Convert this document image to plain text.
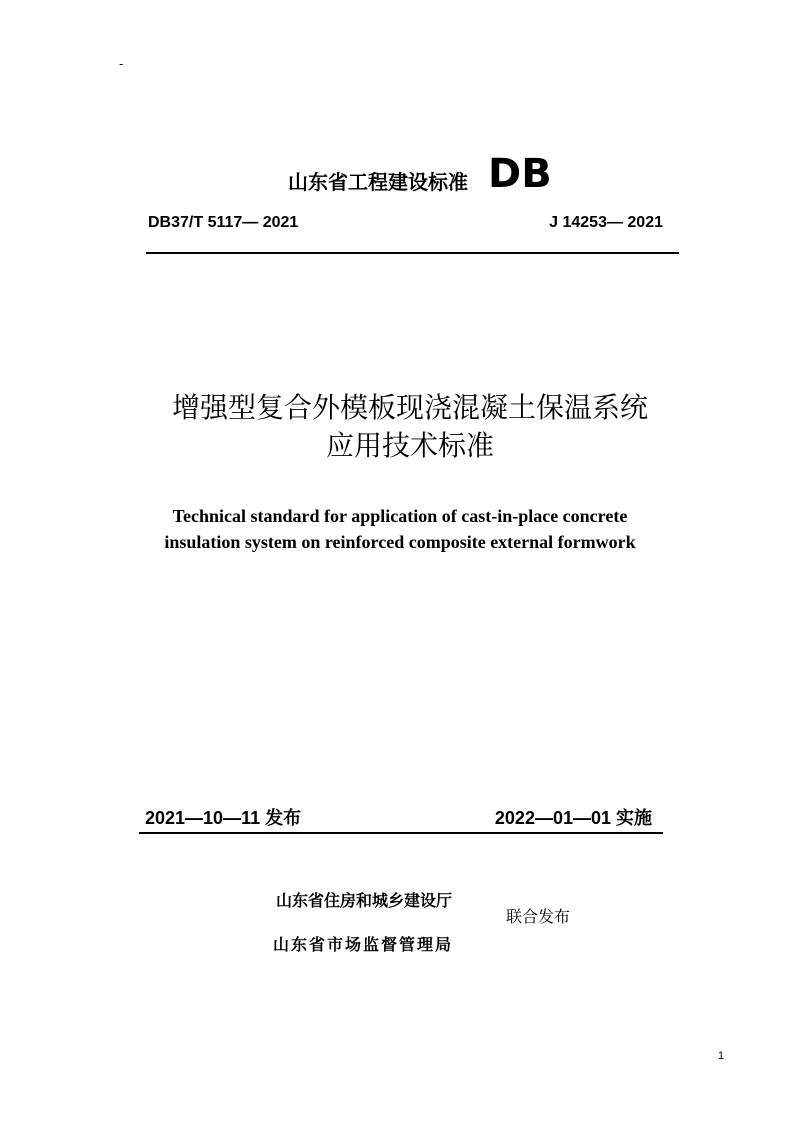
-
山东省工程建设标准 DB
DB37/T 5117— 2021	J 14253— 2021
增强型复合外模板现浇混凝土保温系统
应用技术标准
Technical standard for application of cast-in-place concrete
insulation system on reinforced composite external formwork
2021—10—11 发布	2022—01—01 实施
山东省住房和城乡建设厅
联合发布
山东省市场监督管理局
1
